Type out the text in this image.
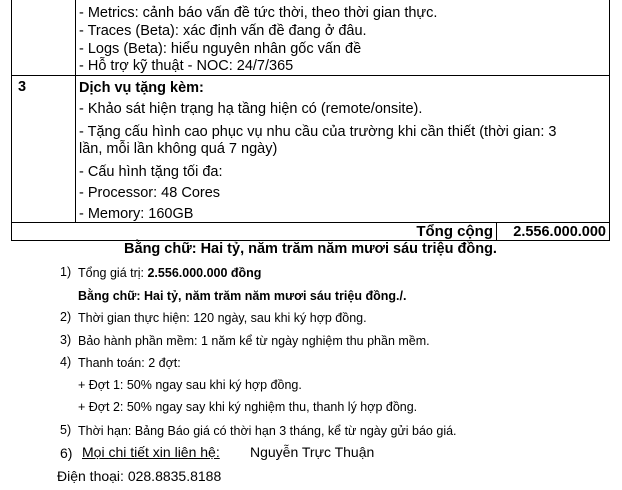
- Metrics: cảnh báo vấn đề tức thời, theo thời gian thực.
- Traces (Beta): xác định vấn đề đang ở đâu.
- Logs (Beta): hiểu nguyên nhân gốc vấn đề
- Hỗ trợ kỹ thuật - NOC: 24/7/365
3	Dịch vụ tặng kèm:
- Khảo sát hiện trạng hạ tầng hiện có (remote/onsite).
- Tặng cấu hình cao phục vụ nhu cầu của trường khi cần thiết (thời gian: 3
lần, mỗi lần không quá 7 ngày)
- Cấu hình tặng tối đa:
- Processor: 48 Cores
- Memory: 160GB
Tổng cộng 2.556.000.000
Bằng chữ: Hai tỷ, năm trăm năm mươi sáu triệu đồng.
1) Tổng giá trị: 2.556.000.000 đồng
Bằng chữ: Hai tỷ, năm trăm năm mươi sáu triệu đồng./.
2) Thời gian thực hiện: 120 ngày, sau khi ký hợp đồng.
3) Bảo hành phần mềm: 1 năm kể từ ngày nghiệm thu phần mềm.
4) Thanh toán: 2 đợt:
+ Đợt 1: 50% ngay sau khi ký hợp đồng.
+ Đợt 2: 50% ngay say khi ký nghiệm thu, thanh lý hợp đồng.
5) Thời hạn: Bảng Báo giá có thời hạn 3 tháng, kể từ ngày gửi báo giá.
6) Mọi chi tiết xin liên hệ: Nguyễn Trực Thuận
Điện thoại: 028.8835.8188
